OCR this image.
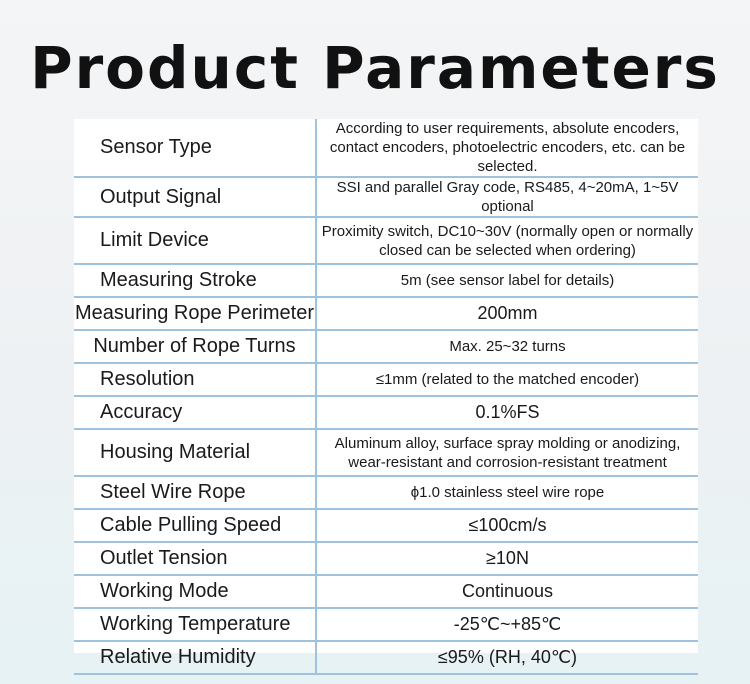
Product Parameters
Sensor Type	According to user requirements, absolute encoders, contact encoders, photoelectric encoders, etc. can be selected.
Output Signal	SSI and parallel Gray code, RS485, 4~20mA, 1~5V optional
Limit Device	Proximity switch, DC10~30V (normally open or normally closed can be selected when ordering)
Measuring Stroke	5m (see sensor label for details)
Measuring Rope Perimeter	200mm
Number of Rope Turns	Max. 25~32 turns
Resolution	≤1mm (related to the matched encoder)
Accuracy	0.1%FS
Housing Material	Aluminum alloy, surface spray molding or anodizing, wear-resistant and corrosion-resistant treatment
Steel Wire Rope	ϕ1.0 stainless steel wire rope
Cable Pulling Speed	≤100cm/s
Outlet Tension	≥10N
Working Mode	Continuous
Working Temperature	-25℃~+85℃
Relative Humidity	≤95% (RH, 40℃)
